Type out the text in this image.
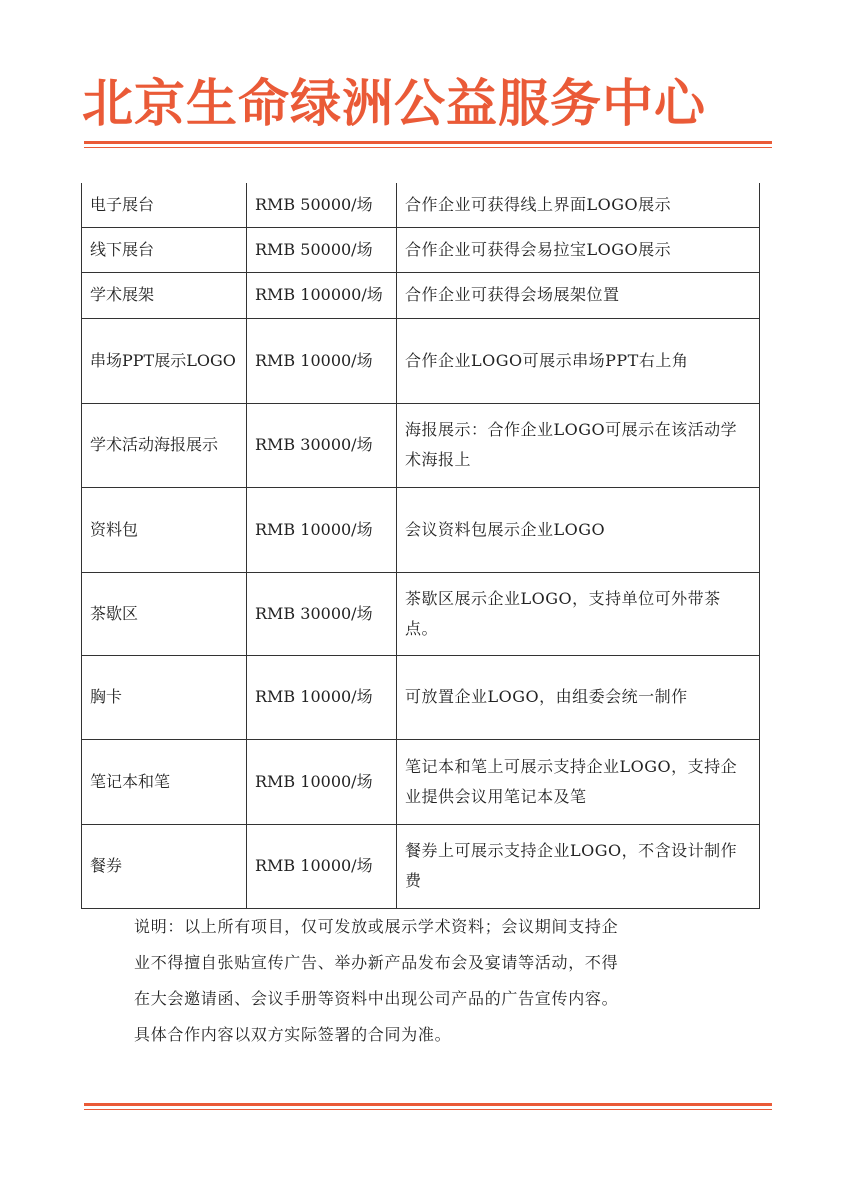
北京生命绿洲公益服务中心
电子展台	RMB 50000/场	合作企业可获得线上界面LOGO展示
线下展台	RMB 50000/场	合作企业可获得会易拉宝LOGO展示
学术展架	RMB 100000/场	合作企业可获得会场展架位置
串场PPT展示LOGO	RMB 10000/场	合作企业LOGO可展示串场PPT右上角
学术活动海报展示	RMB 30000/场	海报展示：合作企业LOGO可展示在该活动学术海报上
资料包	RMB 10000/场	会议资料包展示企业LOGO
茶歇区	RMB 30000/场	茶歇区展示企业LOGO，支持单位可外带茶点。
胸卡	RMB 10000/场	可放置企业LOGO，由组委会统一制作
笔记本和笔	RMB 10000/场	笔记本和笔上可展示支持企业LOGO，支持企业提供会议用笔记本及笔
餐券	RMB 10000/场	餐券上可展示支持企业LOGO，不含设计制作费

说明：以上所有项目，仅可发放或展示学术资料；会议期间支持企

业不得擅自张贴宣传广告、举办新产品发布会及宴请等活动，不得

在大会邀请函、会议手册等资料中出现公司产品的广告宣传内容。

具体合作内容以双方实际签署的合同为准。
